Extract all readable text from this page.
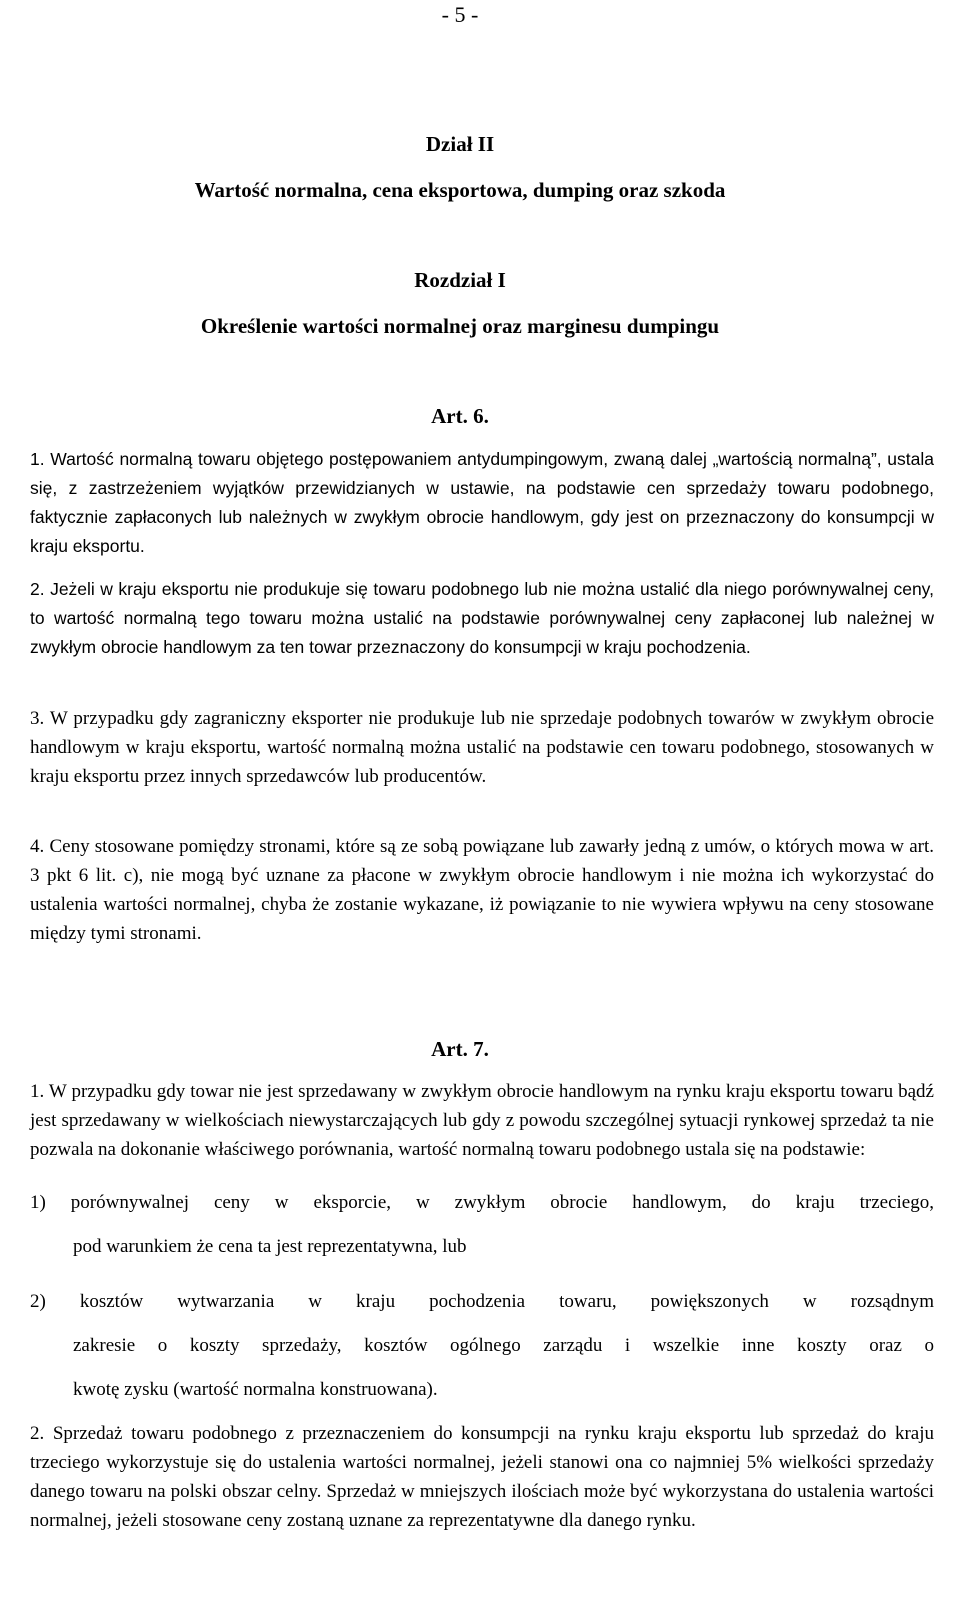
- 5 -
Dział II
Wartość normalna, cena eksportowa, dumping oraz szkoda
Rozdział I
Określenie wartości normalnej oraz marginesu dumpingu
Art. 6.

1. Wartość normalną towaru objętego postępowaniem antydumpingowym, zwaną dalej „wartością normalną”, ustala się, z zastrzeżeniem wyjątków przewidzianych w ustawie, na podstawie cen sprzedaży towaru podobnego, faktycznie zapłaconych lub należnych w zwykłym obrocie handlowym, gdy jest on przeznaczony do konsumpcji w kraju eksportu.

2. Jeżeli w kraju eksportu nie produkuje się towaru podobnego lub nie można ustalić dla niego porównywalnej ceny, to wartość normalną tego towaru można ustalić na podstawie porównywalnej ceny zapłaconej lub należnej w zwykłym obrocie handlowym za ten towar przeznaczony do konsumpcji w kraju pochodzenia.

3. W przypadku gdy zagraniczny eksporter nie produkuje lub nie sprzedaje podobnych towarów w zwykłym obrocie handlowym w kraju eksportu, wartość normalną można ustalić na podstawie cen towaru podobnego, stosowanych w kraju eksportu przez innych sprzedawców lub producentów.

4. Ceny stosowane pomiędzy stronami, które są ze sobą powiązane lub zawarły jedną z umów, o których mowa w art. 3 pkt 6 lit. c), nie mogą być uznane za płacone w zwykłym obrocie handlowym i nie można ich wykorzystać do ustalenia wartości normalnej, chyba że zostanie wykazane, iż powiązanie to nie wywiera wpływu na ceny stosowane między tymi stronami.

Art. 7.

1. W przypadku gdy towar nie jest sprzedawany w zwykłym obrocie handlowym na rynku kraju eksportu towaru bądź jest sprzedawany w wielkościach niewystarczających lub gdy z powodu szczególnej sytuacji rynkowej sprzedaż ta nie pozwala na dokonanie właściwego porównania, wartość normalną towaru podobnego ustala się na podstawie:

1) porównywalnej ceny w eksporcie, w zwykłym obrocie handlowym, do kraju trzeciego,
pod warunkiem że cena ta jest reprezentatywna, lub
2) kosztów wytwarzania w kraju pochodzenia towaru, powiększonych w rozsądnym
zakresie o koszty sprzedaży, kosztów ogólnego zarządu i wszelkie inne koszty oraz o
kwotę zysku (wartość normalna konstruowana).

2. Sprzedaż towaru podobnego z przeznaczeniem do konsumpcji na rynku kraju eksportu lub sprzedaż do kraju trzeciego wykorzystuje się do ustalenia wartości normalnej, jeżeli stanowi ona co najmniej 5% wielkości sprzedaży danego towaru na polski obszar celny. Sprzedaż w mniejszych ilościach może być wykorzystana do ustalenia wartości normalnej, jeżeli stosowane ceny zostaną uznane za reprezentatywne dla danego rynku.
